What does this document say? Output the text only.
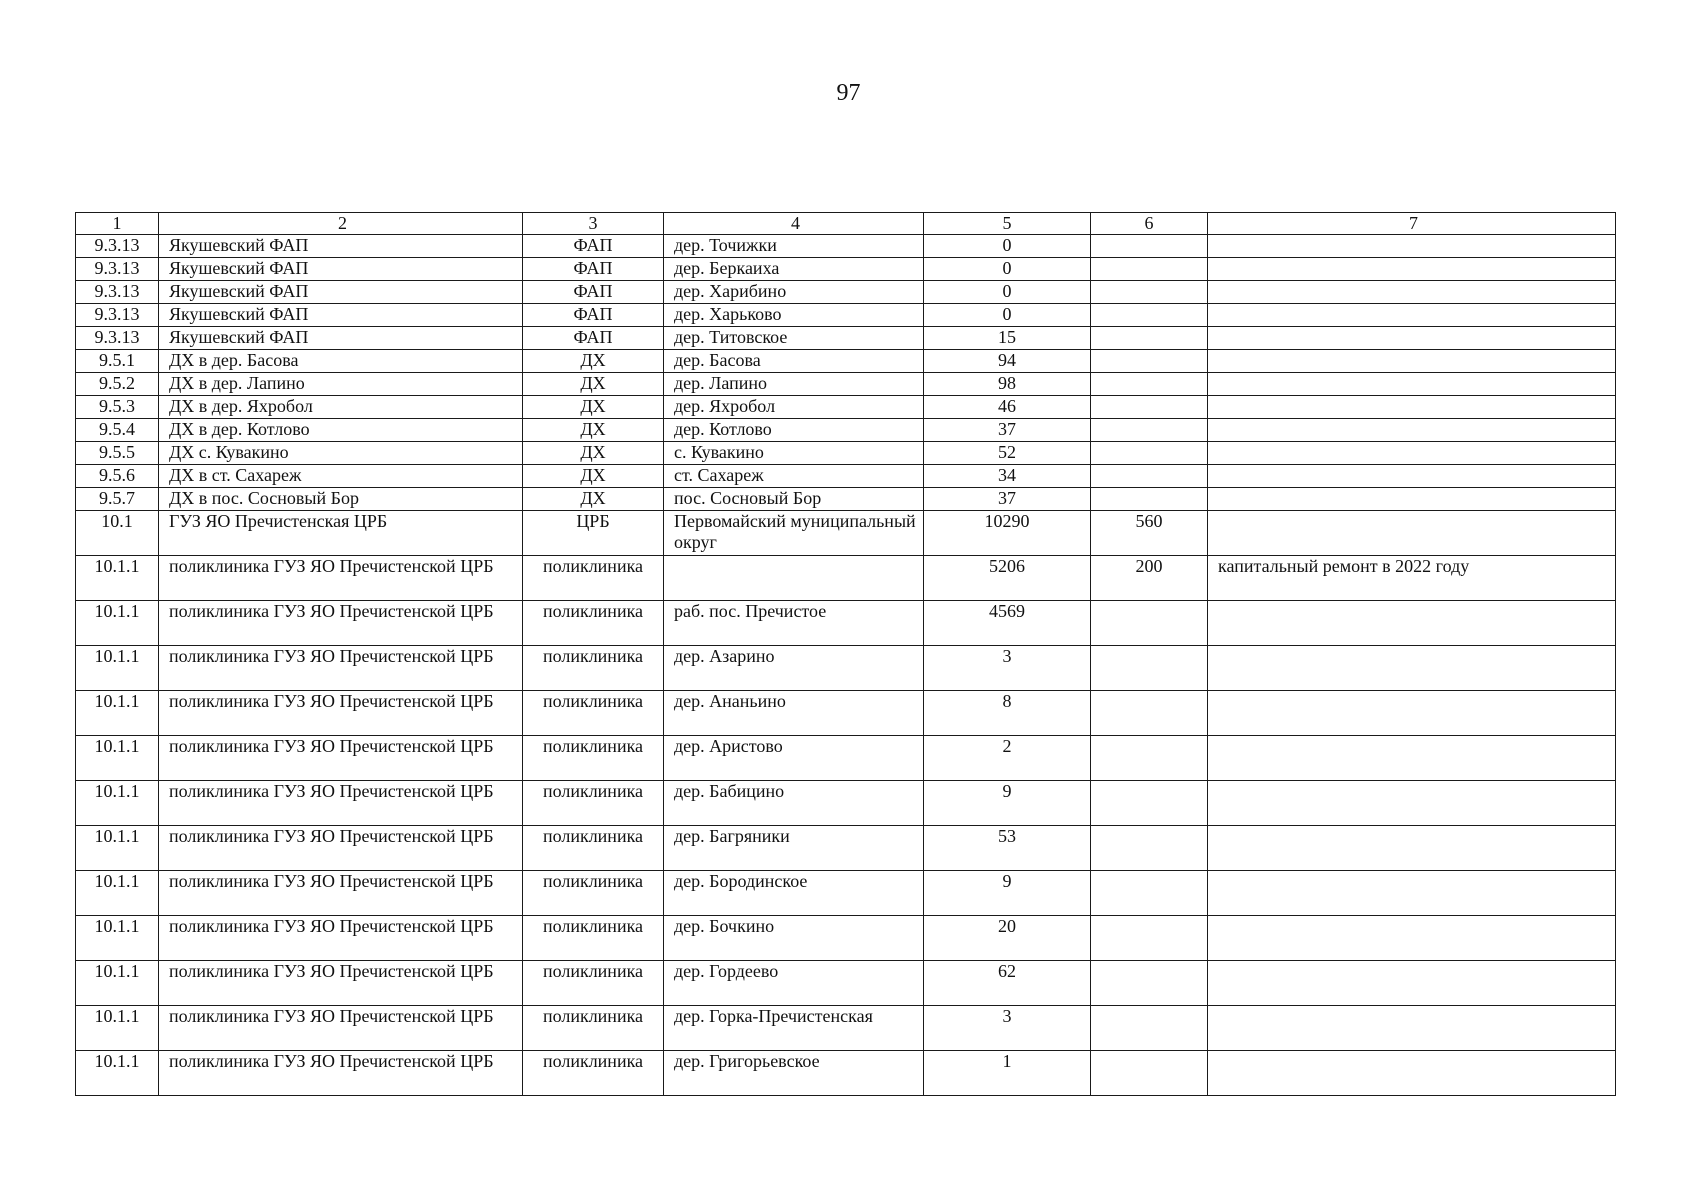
97
1	2	3	4	5	6	7
9.3.13	Якушевский ФАП	ФАП	дер. Точижки	0		
9.3.13	Якушевский ФАП	ФАП	дер. Беркаиха	0		
9.3.13	Якушевский ФАП	ФАП	дер. Харибино	0		
9.3.13	Якушевский ФАП	ФАП	дер. Харьково	0		
9.3.13	Якушевский ФАП	ФАП	дер. Титовское	15		
9.5.1	ДХ в дер. Басова	ДХ	дер. Басова	94		
9.5.2	ДХ в дер. Лапино	ДХ	дер. Лапино	98		
9.5.3	ДХ в дер. Яхробол	ДХ	дер. Яхробол	46		
9.5.4	ДХ в дер. Котлово	ДХ	дер. Котлово	37		
9.5.5	ДХ с. Кувакино	ДХ	с. Кувакино	52		
9.5.6	ДХ в ст. Сахареж	ДХ	ст. Сахареж	34		
9.5.7	ДХ в пос. Сосновый Бор	ДХ	пос. Сосновый Бор	37		
10.1	ГУЗ ЯО Пречистенская ЦРБ	ЦРБ	Первомайский муниципальный округ	10290	560	
10.1.1	поликлиника ГУЗ ЯО Пречистенской ЦРБ	поликлиника		5206	200	капитальный ремонт в 2022 году
10.1.1	поликлиника ГУЗ ЯО Пречистенской ЦРБ	поликлиника	раб. пос. Пречистое	4569		
10.1.1	поликлиника ГУЗ ЯО Пречистенской ЦРБ	поликлиника	дер. Азарино	3		
10.1.1	поликлиника ГУЗ ЯО Пречистенской ЦРБ	поликлиника	дер. Ананьино	8		
10.1.1	поликлиника ГУЗ ЯО Пречистенской ЦРБ	поликлиника	дер. Аристово	2		
10.1.1	поликлиника ГУЗ ЯО Пречистенской ЦРБ	поликлиника	дер. Бабицино	9		
10.1.1	поликлиника ГУЗ ЯО Пречистенской ЦРБ	поликлиника	дер. Багряники	53		
10.1.1	поликлиника ГУЗ ЯО Пречистенской ЦРБ	поликлиника	дер. Бородинское	9		
10.1.1	поликлиника ГУЗ ЯО Пречистенской ЦРБ	поликлиника	дер. Бочкино	20		
10.1.1	поликлиника ГУЗ ЯО Пречистенской ЦРБ	поликлиника	дер. Гордеево	62		
10.1.1	поликлиника ГУЗ ЯО Пречистенской ЦРБ	поликлиника	дер. Горка-Пречистенская	3		
10.1.1	поликлиника ГУЗ ЯО Пречистенской ЦРБ	поликлиника	дер. Григорьевское	1		
